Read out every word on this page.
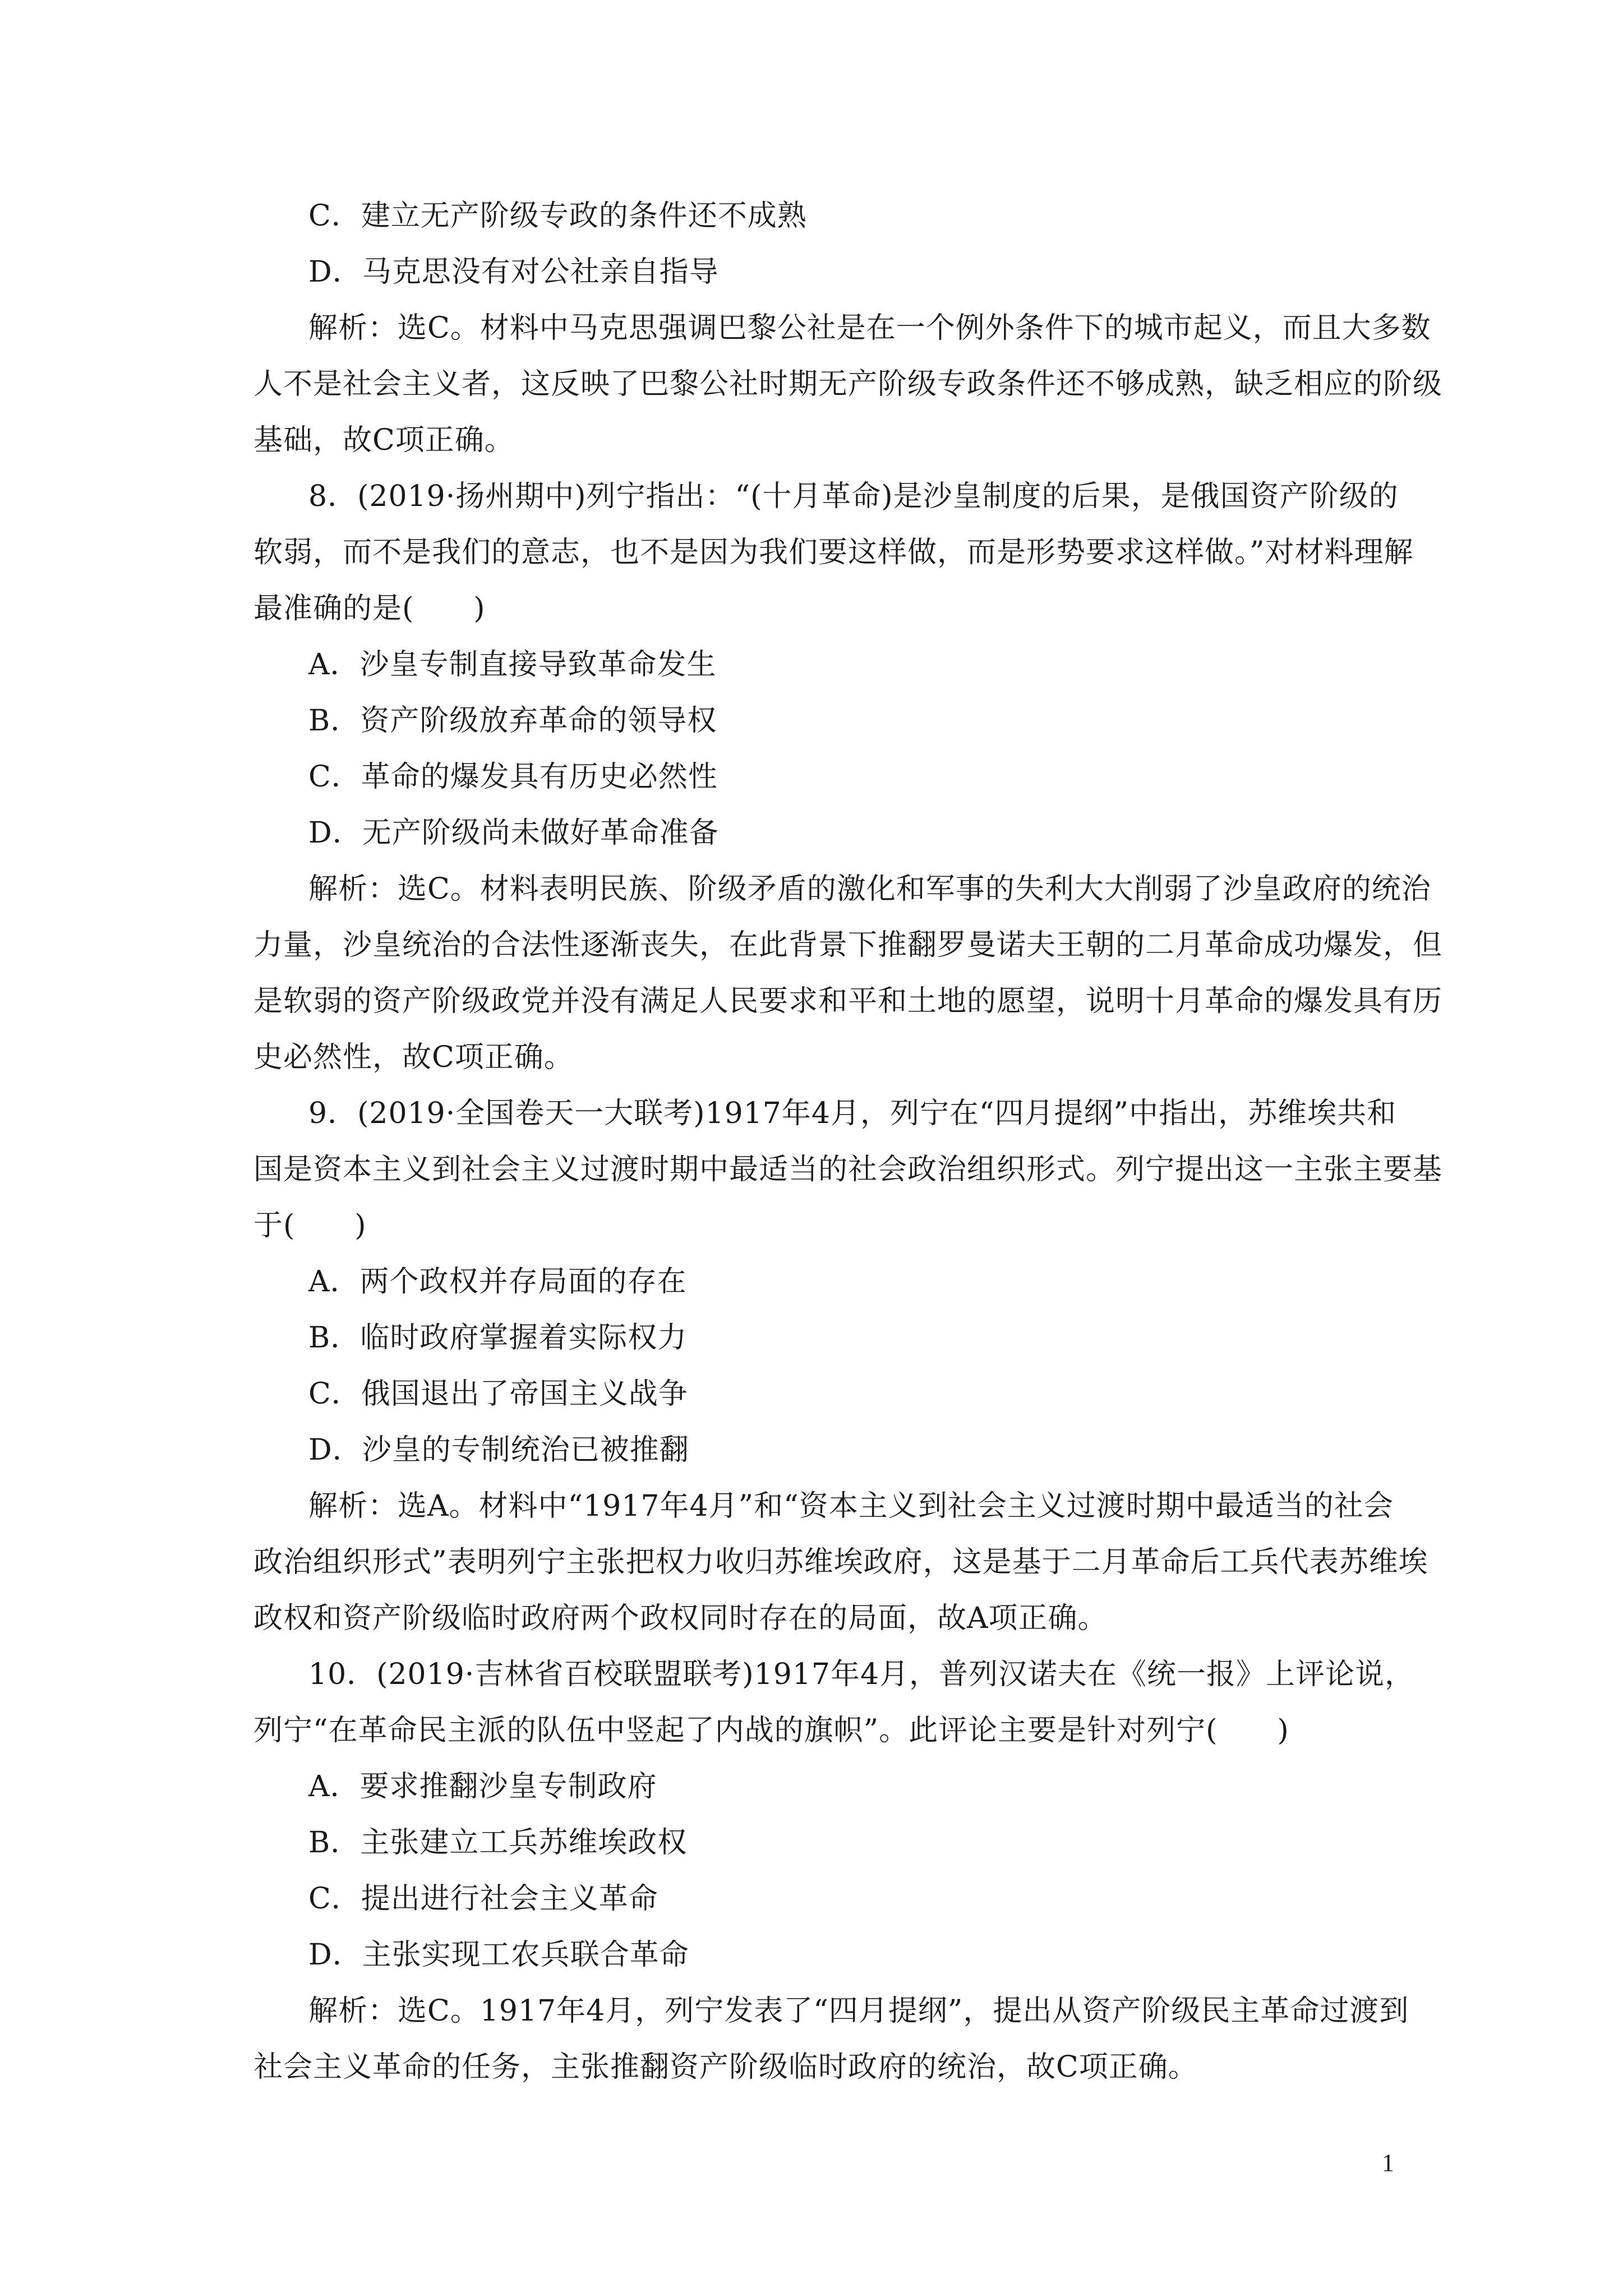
C．建立无产阶级专政的条件还不成熟
D．马克思没有对公社亲自指导
解析：选C。材料中马克思强调巴黎公社是在一个例外条件下的城市起义，而且大多数
人不是社会主义者，这反映了巴黎公社时期无产阶级专政条件还不够成熟，缺乏相应的阶级
基础，故C项正确。
8．(2019·扬州期中)列宁指出：“(十月革命)是沙皇制度的后果，是俄国资产阶级的
软弱，而不是我们的意志，也不是因为我们要这样做，而是形势要求这样做。”对材料理解
最准确的是(　　)
A．沙皇专制直接导致革命发生
B．资产阶级放弃革命的领导权
C．革命的爆发具有历史必然性
D．无产阶级尚未做好革命准备
解析：选C。材料表明民族、阶级矛盾的激化和军事的失利大大削弱了沙皇政府的统治
力量，沙皇统治的合法性逐渐丧失，在此背景下推翻罗曼诺夫王朝的二月革命成功爆发，但
是软弱的资产阶级政党并没有满足人民要求和平和土地的愿望，说明十月革命的爆发具有历
史必然性，故C项正确。
9．(2019·全国卷天一大联考)1917年4月，列宁在“四月提纲”中指出，苏维埃共和
国是资本主义到社会主义过渡时期中最适当的社会政治组织形式。列宁提出这一主张主要基
于(　　)
A．两个政权并存局面的存在
B．临时政府掌握着实际权力
C．俄国退出了帝国主义战争
D．沙皇的专制统治已被推翻
解析：选A。材料中“1917年4月”和“资本主义到社会主义过渡时期中最适当的社会
政治组织形式”表明列宁主张把权力收归苏维埃政府，这是基于二月革命后工兵代表苏维埃
政权和资产阶级临时政府两个政权同时存在的局面，故A项正确。
10．(2019·吉林省百校联盟联考)1917年4月，普列汉诺夫在《统一报》上评论说，
列宁“在革命民主派的队伍中竖起了内战的旗帜”。此评论主要是针对列宁(　　)
A．要求推翻沙皇专制政府
B．主张建立工兵苏维埃政权
C．提出进行社会主义革命
D．主张实现工农兵联合革命
解析：选C。1917年4月，列宁发表了“四月提纲”，提出从资产阶级民主革命过渡到
社会主义革命的任务，主张推翻资产阶级临时政府的统治，故C项正确。
1
